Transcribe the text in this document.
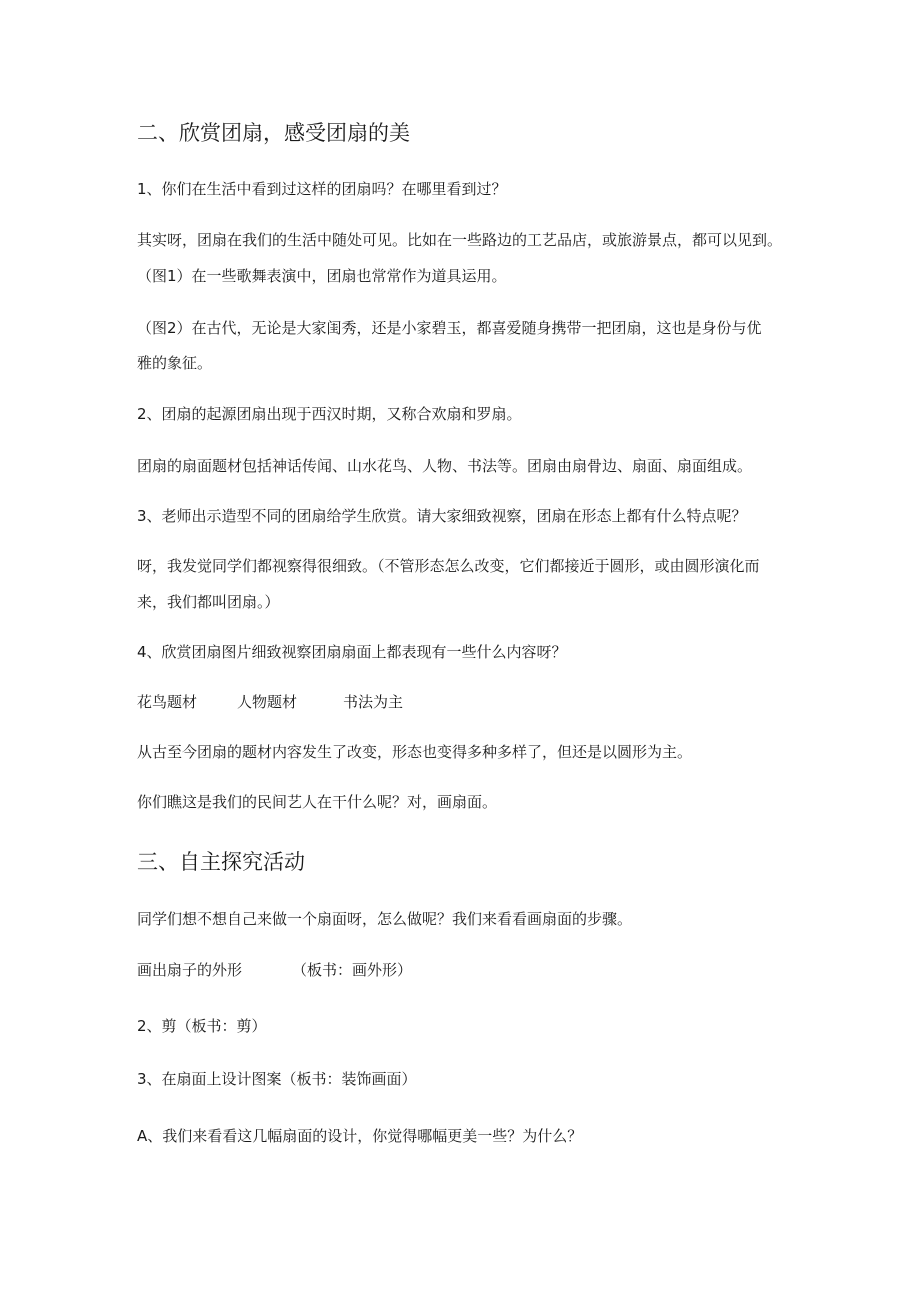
二、欣赏团扇，感受团扇的美

1、你们在生活中看到过这样的团扇吗？在哪里看到过？

其实呀，团扇在我们的生活中随处可见。比如在一些路边的工艺品店，或旅游景点，都可以见到。

（图1）在一些歌舞表演中，团扇也常常作为道具运用。

（图2）在古代，无论是大家闺秀，还是小家碧玉，都喜爱随身携带一把团扇，这也是身份与优

雅的象征。

2、团扇的起源团扇出现于西汉时期，又称合欢扇和罗扇。

团扇的扇面题材包括神话传闻、山水花鸟、人物、书法等。团扇由扇骨边、扇面、扇面组成。

3、老师出示造型不同的团扇给学生欣赏。请大家细致视察，团扇在形态上都有什么特点呢？

呀，我发觉同学们都视察得很细致。（不管形态怎么改变，它们都接近于圆形，或由圆形演化而

来，我们都叫团扇。）

4、欣赏团扇图片细致视察团扇扇面上都表现有一些什么内容呀？

花鸟题材	人物题材	书法为主

从古至今团扇的题材内容发生了改变，形态也变得多种多样了，但还是以圆形为主。

你们瞧这是我们的民间艺人在干什么呢？对，画扇面。

三、自主探究活动

同学们想不想自己来做一个扇面呀，怎么做呢？我们来看看画扇面的步骤。

画出扇子的外形	（板书：画外形）

2、剪（板书：剪）

3、在扇面上设计图案（板书：装饰画面）

A、我们来看看这几幅扇面的设计，你觉得哪幅更美一些？为什么？
